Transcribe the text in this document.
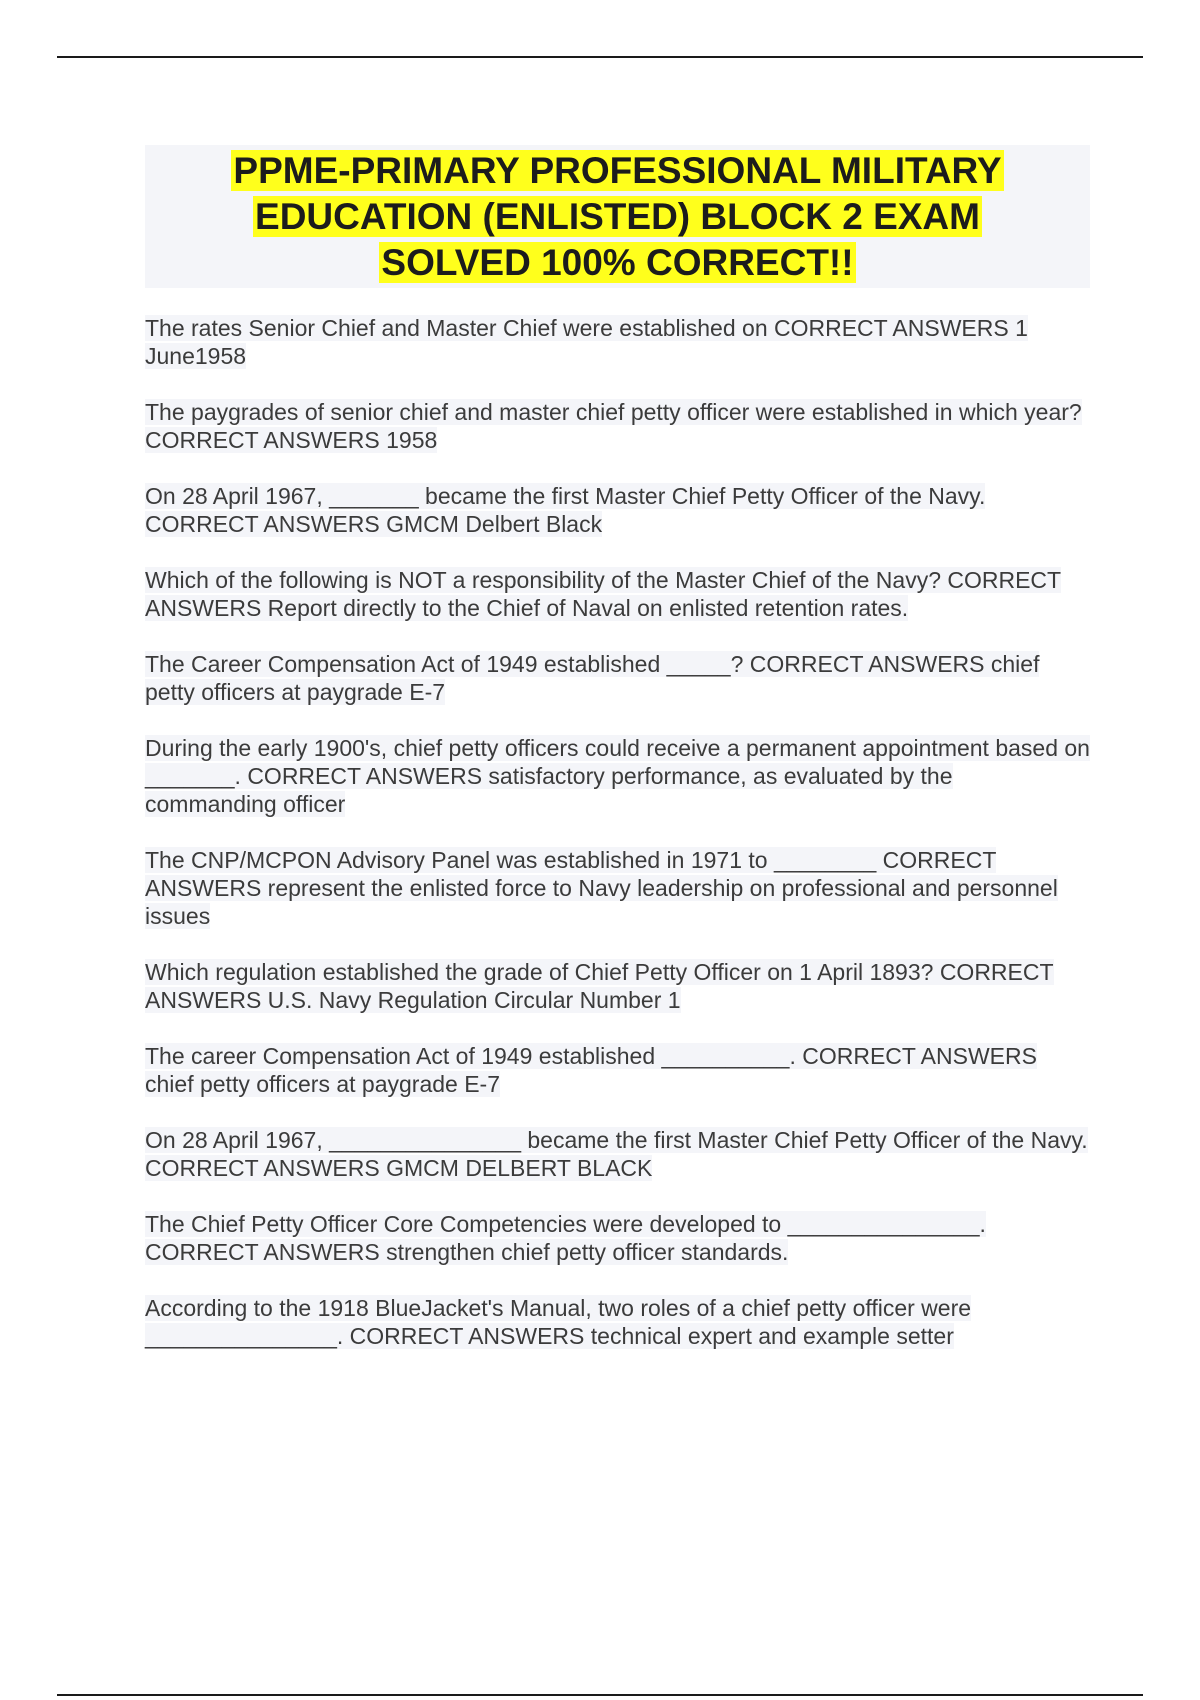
PPME-PRIMARY PROFESSIONAL MILITARY EDUCATION (ENLISTED) BLOCK 2 EXAM SOLVED 100% CORRECT!!

The rates Senior Chief and Master Chief were established on CORRECT ANSWERS 1 June1958

The paygrades of senior chief and master chief petty officer were established in which year? CORRECT ANSWERS 1958

On 28 April 1967, _______ became the first Master Chief Petty Officer of the Navy. CORRECT ANSWERS GMCM Delbert Black

Which of the following is NOT a responsibility of the Master Chief of the Navy? CORRECT ANSWERS Report directly to the Chief of Naval on enlisted retention rates.

The Career Compensation Act of 1949 established _____? CORRECT ANSWERS chief petty officers at paygrade E-7

During the early 1900's, chief petty officers could receive a permanent appointment based on _______. CORRECT ANSWERS satisfactory performance, as evaluated by the commanding officer

The CNP/MCPON Advisory Panel was established in 1971 to ________ CORRECT ANSWERS represent the enlisted force to Navy leadership on professional and personnel issues

Which regulation established the grade of Chief Petty Officer on 1 April 1893? CORRECT ANSWERS U.S. Navy Regulation Circular Number 1

The career Compensation Act of 1949 established __________. CORRECT ANSWERS chief petty officers at paygrade E-7

On 28 April 1967, _______________ became the first Master Chief Petty Officer of the Navy. CORRECT ANSWERS GMCM DELBERT BLACK

The Chief Petty Officer Core Competencies were developed to _______________. CORRECT ANSWERS strengthen chief petty officer standards.

According to the 1918 BlueJacket's Manual, two roles of a chief petty officer were _______________. CORRECT ANSWERS technical expert and example setter
